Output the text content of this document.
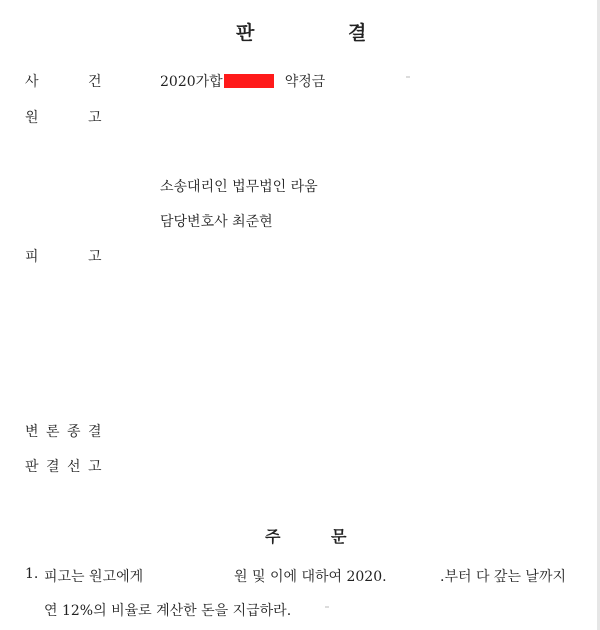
판	결
사	건	2020가합	약정금
원	고
소송대리인 법무법인 라움
담당변호사 최준현
피	고
변 론 종 결
판 결 선 고
주	문
1. 피고는 원고에게	원 및 이에 대하여 2020.	.부터 다 갚는 날까지
연 12%의 비율로 계산한 돈을 지급하라.
